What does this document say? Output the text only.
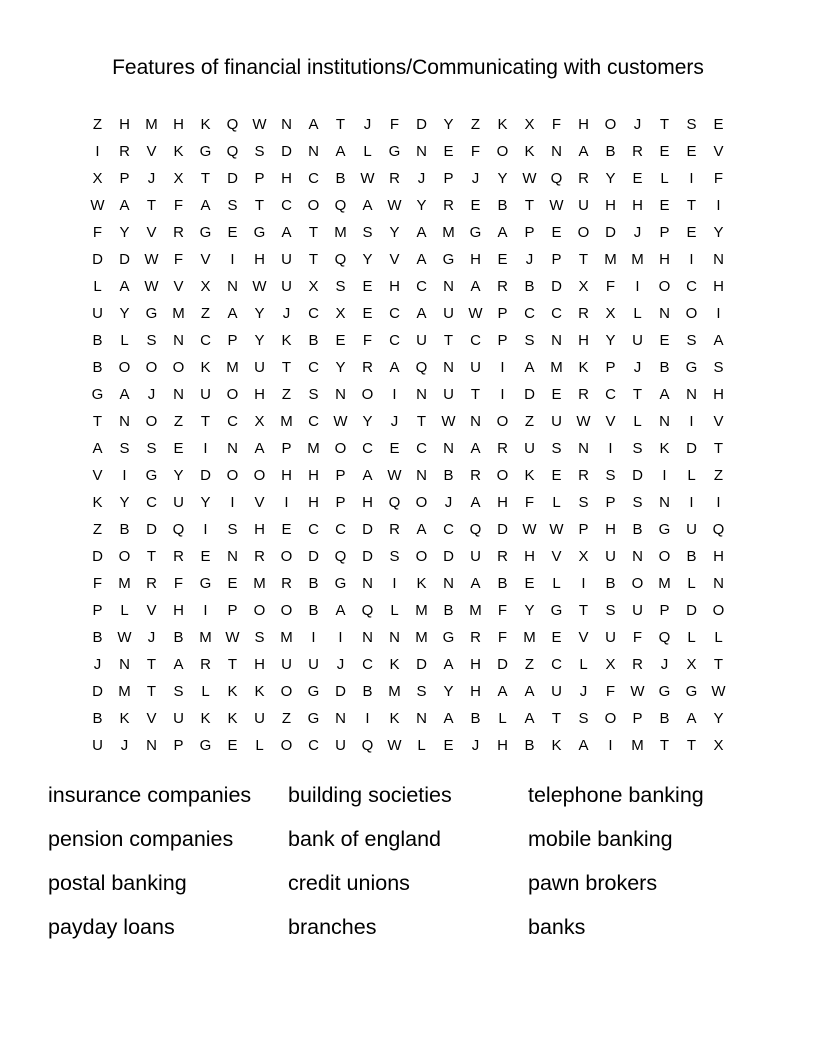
Features of financial institutions/Communicating with customers
Z	H	M	H	K	Q W N	A	T	J	F	D	Y	Z	K	X	F	H	O	J	T	S	E
I	R	V	K	G	Q	S	D	N	A	L	G	N	E	F	O	K	N	A	B	R	E	E	V
X	P	J	X	T	D	P	H	C	B W R	J	P	J	Y W Q	R	Y	E	L	I	F
W A	T	F	A	S	T	C	O	Q	A W Y	R	E	B	T	W U	H	H	E	T	I
F	Y	V	R	G	E	G	A	T	M	S	Y	A	M G	A	P	E	O	D	J	P	E	Y
D	D W	F	V	I	H	U	T	Q	Y	V	A	G	H	E	J	P	T	M M	H	I	N
L	A W V	X	N W U	X	S	E	H	C	N	A	R	B	D	X	F	I	O	C	H
U	Y	G M	Z	A	Y	J	C	X	E	C	A	U W P	C	C	R	X	L	N	O	I
B	L	S	N	C	P	Y	K	B	E	F	C	U	T	C	P	S	N	H	Y	U	E	S	A
B	O	O	O	K	M	U	T	C	Y	R	A	Q	N	U	I	A	M	K	P	J	B	G	S
G	A	J	N	U	O	H	Z	S	N	O	I	N	U	T	I	D	E	R	C	T	A	N	H
T	N	O	Z	T	C	X	M	C W Y	J	T	W N	O	Z	U W V	L	N	I	V
A	S	S	E	I	N	A	P	M O	C	E	C	N	A	R	U	S	N	I	S	K	D	T
V	I	G	Y	D	O	O	H	H	P	A W N	B	R	O	K	E	R	S	D	I	L	Z
K	Y	C	U	Y	I	V	I	H	P	H	Q	O	J	A	H	F	L	S	P	S	N	I	I
Z	B	D	Q	I	S	H	E	C	C	D	R	A	C	Q	D W W P	H	B	G	U	Q
D	O	T	R	E	N	R	O	D	Q	D	S	O	D	U	R	H	V	X	U	N	O	B	H
F	M	R	F	G	E	M	R	B	G	N	I	K	N	A	B	E	L	I	B	O M	L	N
P	L	V	H	I	P	O	O	B	A	Q	L	M	B	M	F	Y	G	T	S	U	P	D	O
B W	J	B	M W S	M	I	I	N	N	M G	R	F	M	E	V	U	F	Q	L	L
J	N	T	A	R	T	H	U	U	J	C	K	D	A	H	D	Z	C	L	X	R	J	X	T
D	M	T	S	L	K	K	O	G	D	B	M	S	Y	H	A	A	U	J	F	W G	G W
B	K	V	U	K	K	U	Z	G	N	I	K	N	A	B	L	A	T	S	O	P	B	A	Y
U	J	N	P	G	E	L	O	C	U	Q W	L	E	J	H	B	K	A	I	M	T	T	X
insurance companies	building societies	telephone banking
pension companies	bank of england	mobile banking
postal banking	credit unions	pawn brokers
payday loans	branches	banks
